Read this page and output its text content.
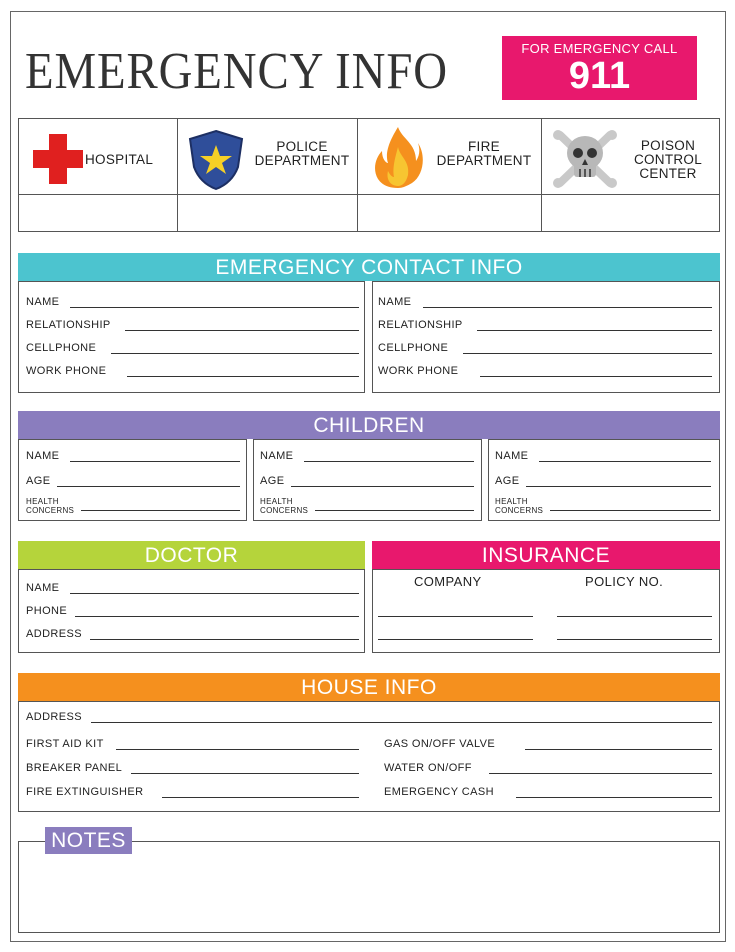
EMERGENCY INFO	FOR EMERGENCY CALL
911
HOSPITAL
POLICE
DEPARTMENT
FIRE
DEPARTMENT
POISON
CONTROL
CENTER
EMERGENCY CONTACT INFO
NAME
RELATIONSHIP
CELLPHONE
WORK PHONE
NAME
RELATIONSHIP
CELLPHONE
WORK PHONE
CHILDREN
NAME
AGE
HEALTH
CONCERNS
NAME
AGE
HEALTH
CONCERNS
NAME
AGE
HEALTH
CONCERNS
DOCTOR
NAME
PHONE
ADDRESS
INSURANCE
COMPANY	POLICY NO.
HOUSE INFO
ADDRESS
FIRST AID KIT
BREAKER PANEL
FIRE EXTINGUISHER
GAS ON/OFF VALVE
WATER ON/OFF
EMERGENCY CASH
NOTES
